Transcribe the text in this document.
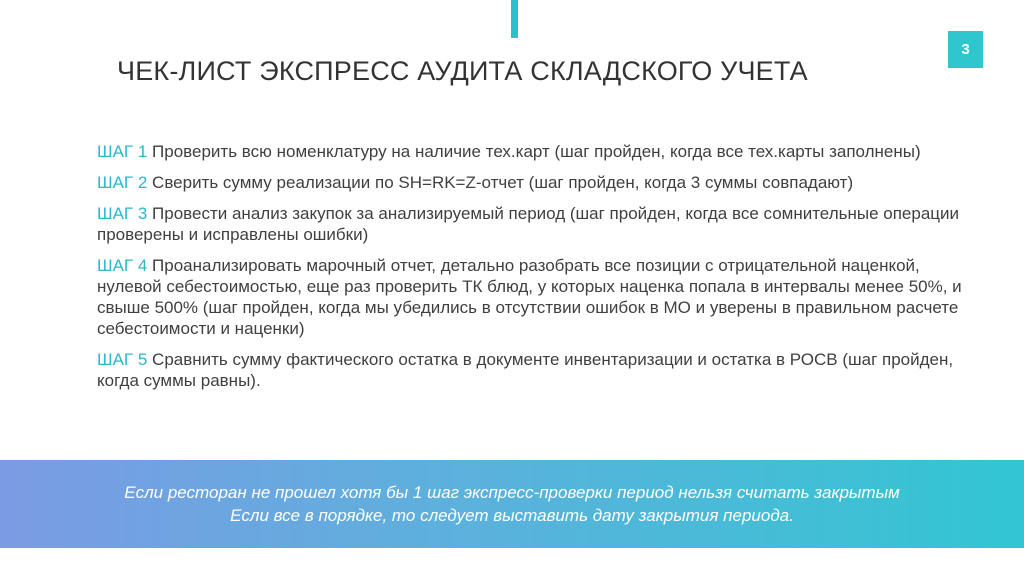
3
ЧЕК-ЛИСТ ЭКСПРЕСС АУДИТА СКЛАДСКОГО УЧЕТА
ШАГ 1 Проверить всю номенклатуру на наличие тех.карт (шаг пройден, когда все тех.карты заполнены)
ШАГ 2 Сверить сумму реализации по SH=RK=Z-отчет (шаг пройден, когда 3 суммы совпадают)
ШАГ 3 Провести анализ закупок за анализируемый период (шаг пройден, когда все сомнительные операции проверены и исправлены ошибки)
ШАГ 4 Проанализировать марочный отчет, детально разобрать все позиции с отрицательной наценкой, нулевой себестоимостью, еще раз проверить ТК блюд, у которых наценка попала в интервалы менее 50%, и свыше 500% (шаг пройден, когда мы убедились в отсутствии ошибок в МО и уверены в правильном расчете себестоимости и наценки)
ШАГ 5 Сравнить сумму фактического остатка в документе инвентаризации и остатка в РОСВ (шаг пройден, когда суммы равны).
Если ресторан не прошел хотя бы 1 шаг экспресс-проверки период нельзя считать закрытым
Если все в порядке, то следует выставить дату закрытия периода.
